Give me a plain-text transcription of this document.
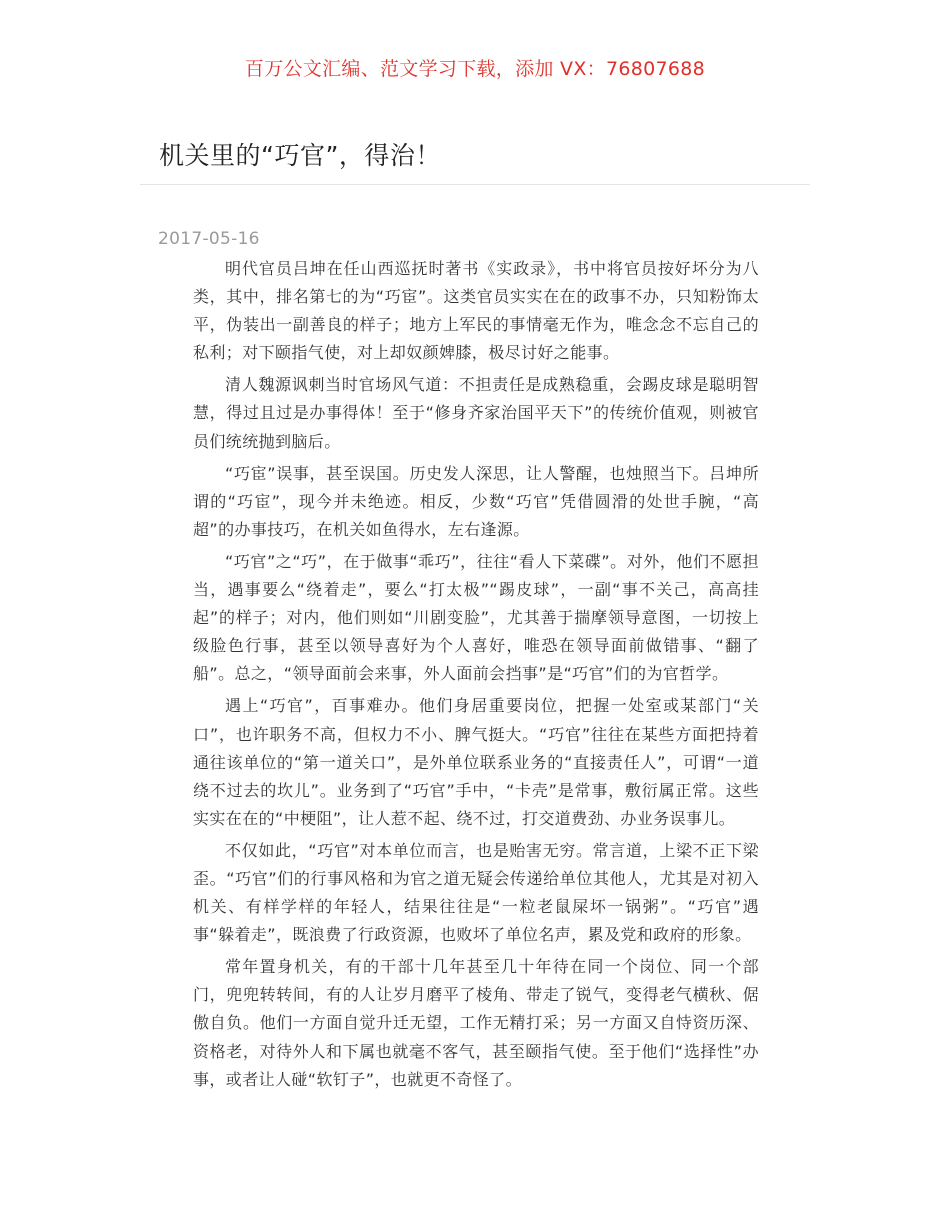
百万公文汇编、范文学习下载，添加 VX：76807688
机关里的“巧官”，得治！
2017-05-16

明代官员吕坤在任山西巡抚时著书《实政录》，书中将官员按好坏分为八类，其中，排名第七的为“巧宦”。这类官员实实在在的政事不办，只知粉饰太平，伪装出一副善良的样子；地方上军民的事情毫无作为，唯念念不忘自己的私利；对下颐指气使，对上却奴颜婢膝，极尽讨好之能事。

清人魏源讽刺当时官场风气道：不担责任是成熟稳重，会踢皮球是聪明智慧，得过且过是办事得体！至于“修身齐家治国平天下”的传统价值观，则被官员们统统抛到脑后。

“巧宦”误事，甚至误国。历史发人深思，让人警醒，也烛照当下。吕坤所谓的“巧宦”，现今并未绝迹。相反，少数“巧官”凭借圆滑的处世手腕，“高超”的办事技巧，在机关如鱼得水，左右逢源。

“巧官”之“巧”，在于做事“乖巧”，往往“看人下菜碟”。对外，他们不愿担当，遇事要么“绕着走”，要么“打太极”“踢皮球”，一副“事不关己，高高挂起”的样子；对内，他们则如“川剧变脸”，尤其善于揣摩领导意图，一切按上级脸色行事，甚至以领导喜好为个人喜好，唯恐在领导面前做错事、“翻了船”。总之，“领导面前会来事，外人面前会挡事”是“巧官”们的为官哲学。

遇上“巧官”，百事难办。他们身居重要岗位，把握一处室或某部门“关口”，也许职务不高，但权力不小、脾气挺大。“巧官”往往在某些方面把持着通往该单位的“第一道关口”，是外单位联系业务的“直接责任人”，可谓“一道绕不过去的坎儿”。业务到了“巧官”手中，“卡壳”是常事，敷衍属正常。这些实实在在的“中梗阻”，让人惹不起、绕不过，打交道费劲、办业务误事儿。

不仅如此，“巧官”对本单位而言，也是贻害无穷。常言道，上梁不正下梁歪。“巧官”们的行事风格和为官之道无疑会传递给单位其他人，尤其是对初入机关、有样学样的年轻人，结果往往是“一粒老鼠屎坏一锅粥”。“巧官”遇事“躲着走”，既浪费了行政资源，也败坏了单位名声，累及党和政府的形象。

常年置身机关，有的干部十几年甚至几十年待在同一个岗位、同一个部门，兜兜转转间，有的人让岁月磨平了棱角、带走了锐气，变得老气横秋、倨傲自负。他们一方面自觉升迁无望，工作无精打采；另一方面又自恃资历深、资格老，对待外人和下属也就毫不客气，甚至颐指气使。至于他们“选择性”办事，或者让人碰“软钉子”，也就更不奇怪了。
